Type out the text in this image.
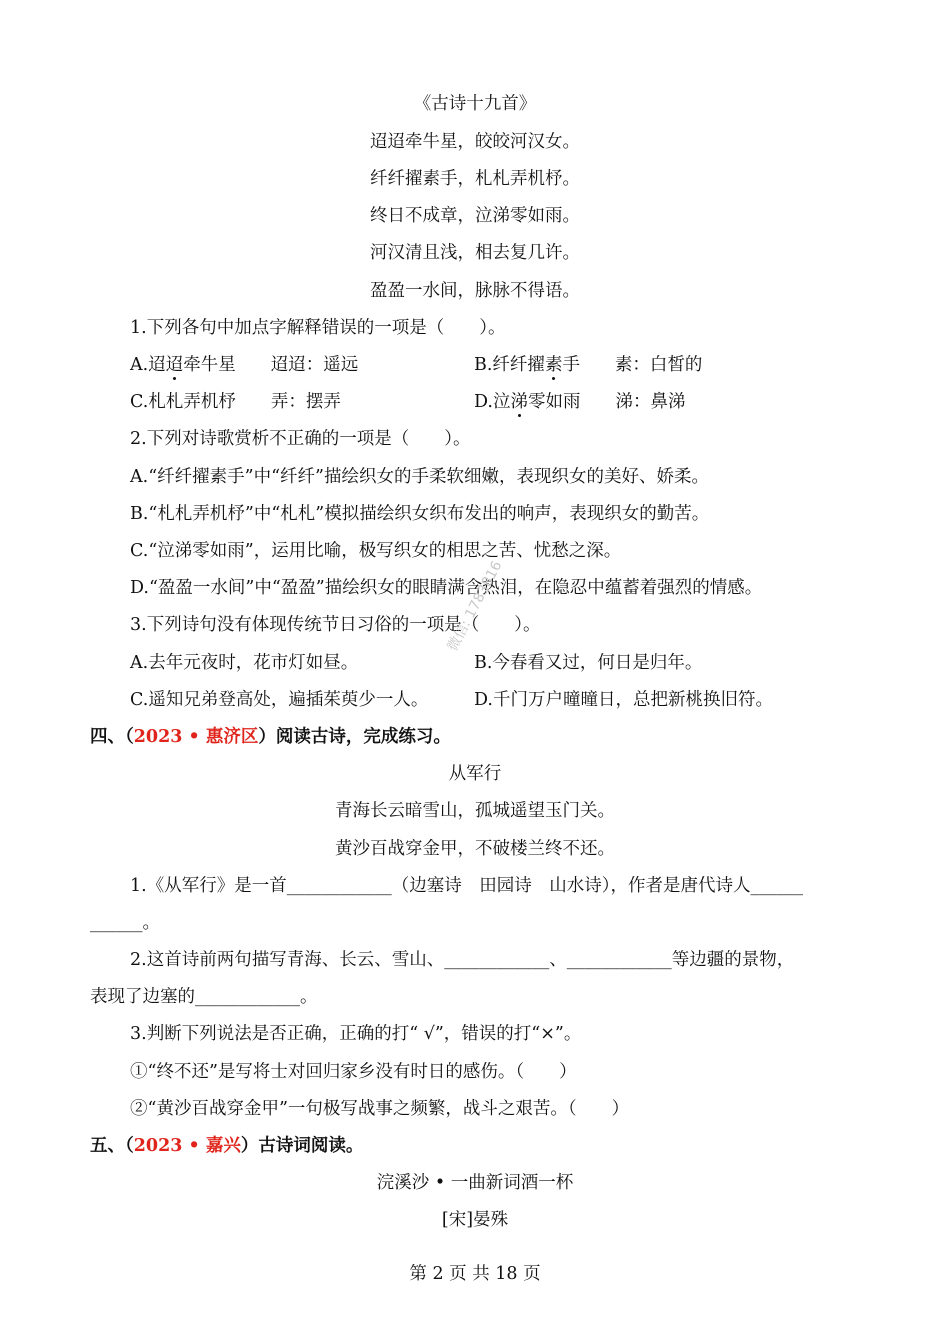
《古诗十九首》
迢迢牵牛星，皎皎河汉女。
纤纤擢素手，札札弄机杼。
终日不成章，泣涕零如雨。
河汉清且浅，相去复几许。
盈盈一水间，脉脉不得语。
1.下列各句中加点字解释错误的一项是（　　）。
A.迢迢牵牛星　　迢迢：遥远	B.纤纤擢素手　　素：白皙的
C.札札弄机杼　　弄：摆弄	D.泣涕零如雨　　涕：鼻涕
2.下列对诗歌赏析不正确的一项是（　　）。
A.“纤纤擢素手”中“纤纤”描绘织女的手柔软细嫩，表现织女的美好、娇柔。
B.“札札弄机杼”中“札札”模拟描绘织女织布发出的响声，表现织女的勤苦。
C.“泣涕零如雨”，运用比喻，极写织女的相思之苦、忧愁之深。
D.“盈盈一水间”中“盈盈”描绘织女的眼睛满含热泪，在隐忍中蕴蓄着强烈的情感。
3.下列诗句没有体现传统节日习俗的一项是（　　）。
A.去年元夜时，花市灯如昼。	B.今春看又过，何日是归年。
C.遥知兄弟登高处，遍插茱萸少一人。	D.千门万户曈曈日，总把新桃换旧符。
四、（2023 • 惠济区）阅读古诗，完成练习。
从军行
青海长云暗雪山，孤城遥望玉门关。
黄沙百战穿金甲，不破楼兰终不还。
1.《从军行》是一首____________（边塞诗　田园诗　山水诗），作者是唐代诗人______
______。
2.这首诗前两句描写青海、长云、雪山、____________、____________等边疆的景物，
表现了边塞的____________。
3.判断下列说法是否正确，正确的打“ √”，错误的打“×”。
①“终不还”是写将士对回归家乡没有时日的感伤。（　　）
②“黄沙百战穿金甲”一句极写战事之频繁，战斗之艰苦。（　　）
五、（2023 • 嘉兴）古诗词阅读。
浣溪沙 • 一曲新词酒一杯
[宋]晏殊
第 2 页 共 18 页
微信: 1783816
